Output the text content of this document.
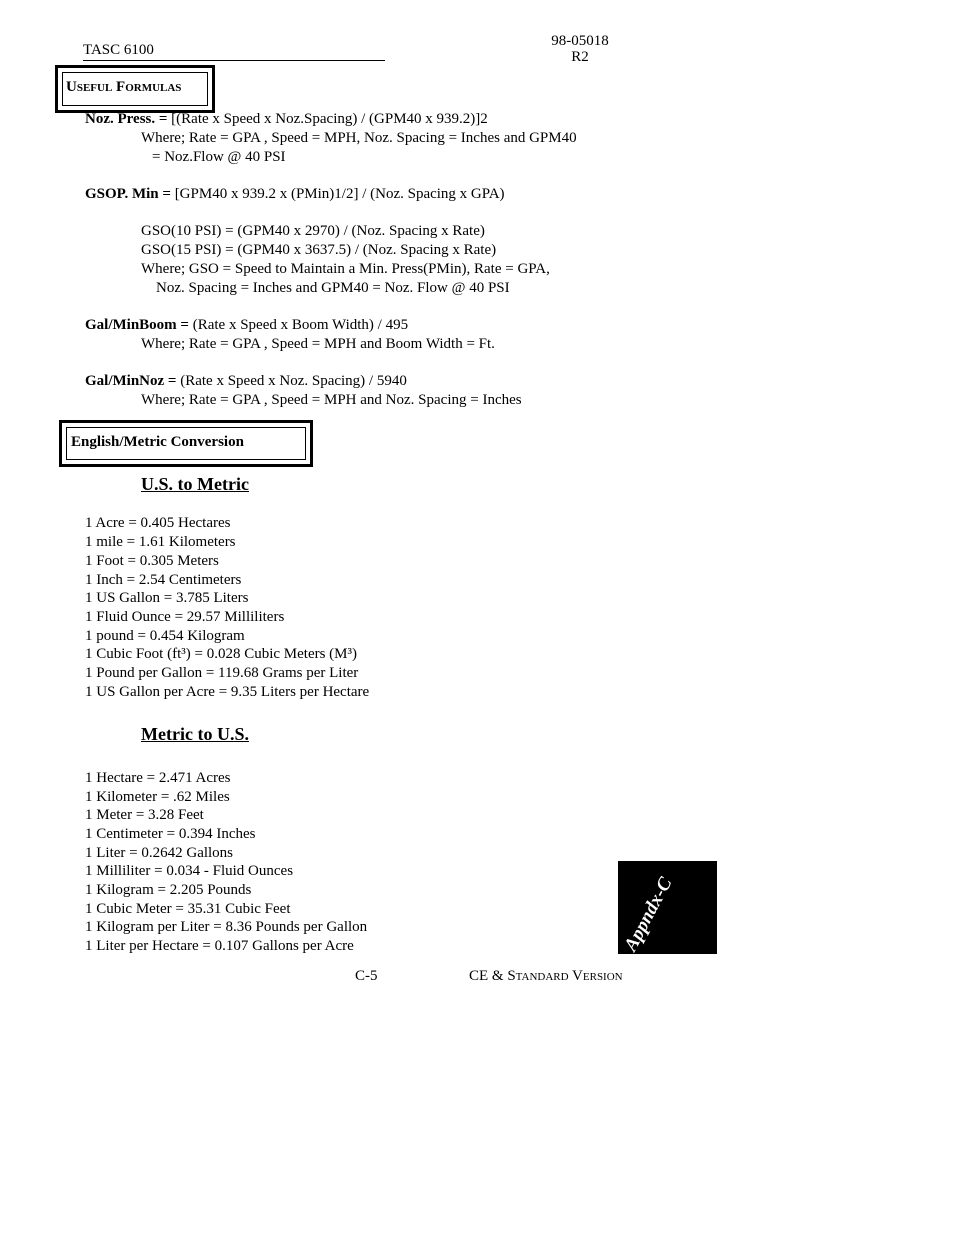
TASC 6100
98-05018
R2
Useful Formulas
Noz. Press. = [(Rate x Speed x Noz.Spacing) / (GPM40 x 939.2)]2
Where; Rate = GPA , Speed = MPH, Noz. Spacing = Inches and GPM40
= Noz.Flow @ 40 PSI
GSOP. Min = [GPM40 x 939.2 x (PMin)1/2] / (Noz. Spacing x GPA)
GSO(10 PSI) = (GPM40 x 2970) / (Noz. Spacing x Rate)
GSO(15 PSI) = (GPM40 x 3637.5) / (Noz. Spacing x Rate)
Where; GSO = Speed to Maintain a Min. Press(PMin), Rate = GPA,
Noz. Spacing = Inches and GPM40 = Noz. Flow @ 40 PSI
Gal/MinBoom = (Rate x Speed x Boom Width) / 495
Where; Rate = GPA , Speed = MPH and Boom Width = Ft.
Gal/MinNoz = (Rate x Speed x Noz. Spacing) / 5940
Where; Rate = GPA , Speed = MPH and Noz. Spacing = Inches
English/Metric Conversion
U.S. to Metric
1 Acre = 0.405 Hectares
1 mile = 1.61 Kilometers
1 Foot = 0.305 Meters
1 Inch = 2.54 Centimeters
1 US Gallon = 3.785 Liters
1 Fluid Ounce = 29.57 Milliliters
1 pound = 0.454 Kilogram
1 Cubic Foot (ft³) = 0.028 Cubic Meters (M³)
1 Pound per Gallon = 119.68 Grams per Liter
1 US Gallon per Acre = 9.35 Liters per Hectare
Metric to U.S.
1 Hectare = 2.471 Acres
1 Kilometer = .62 Miles
1 Meter = 3.28 Feet
1 Centimeter = 0.394 Inches
1 Liter = 0.2642 Gallons
1 Milliliter = 0.034 - Fluid Ounces
1 Kilogram = 2.205 Pounds
1 Cubic Meter = 35.31 Cubic Feet
1 Kilogram per Liter = 8.36 Pounds per Gallon
1 Liter per Hectare = 0.107 Gallons per Acre	Appndx-C
C-5	CE & Standard Version
